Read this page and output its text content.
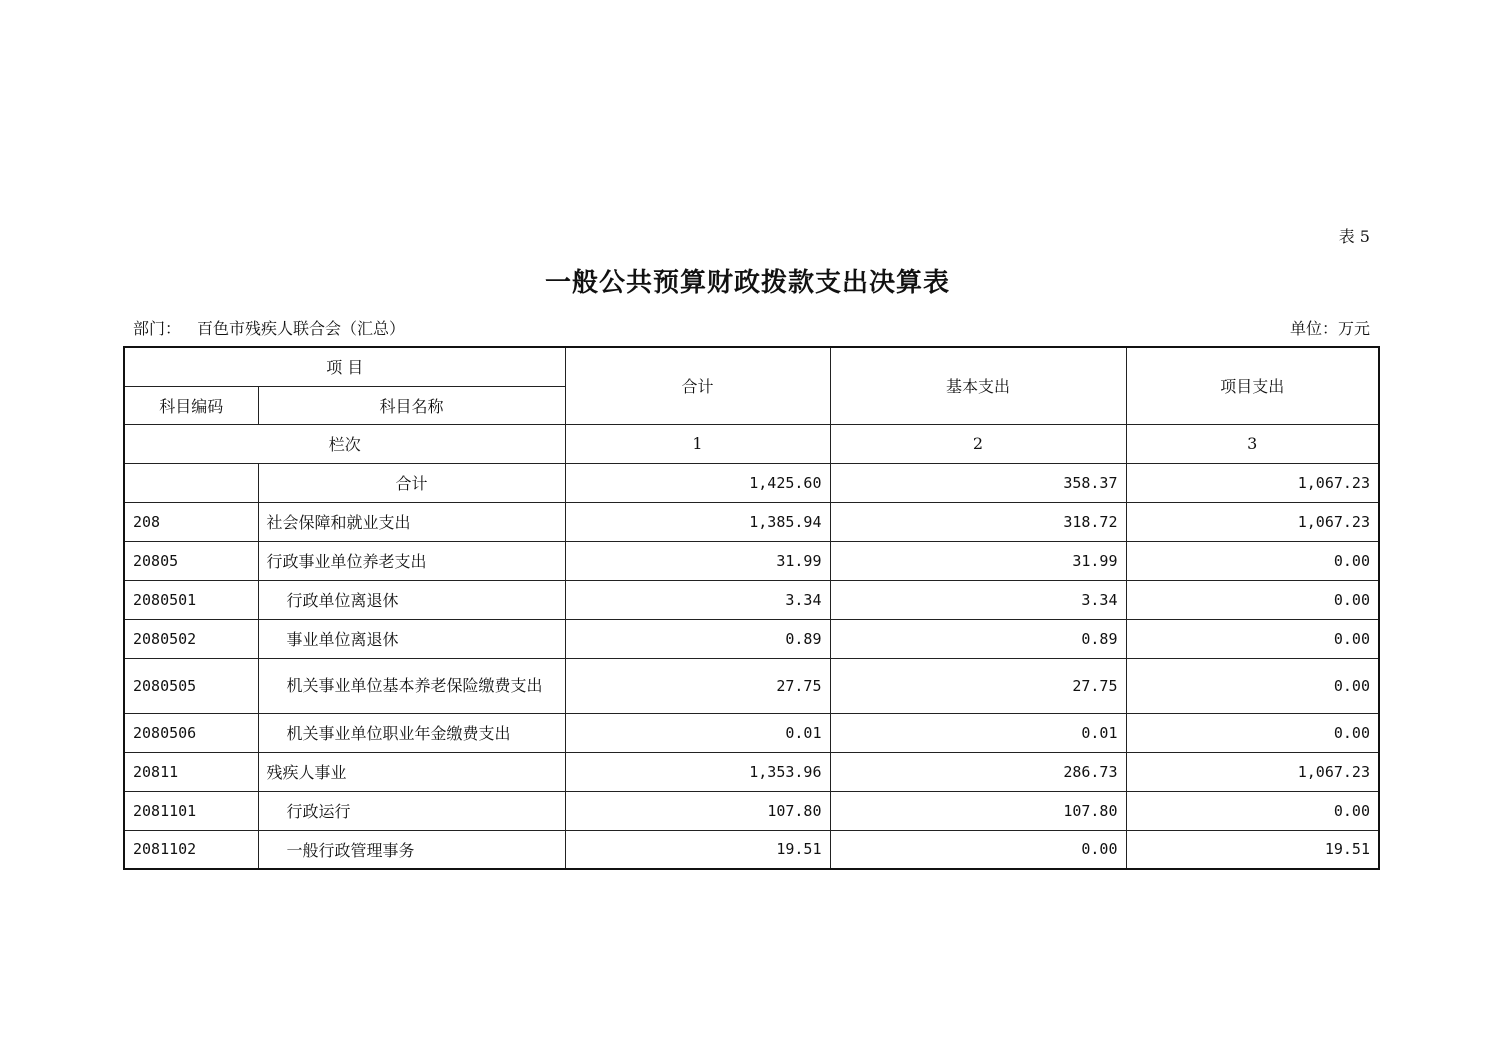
表 5
一般公共预算财政拨款支出决算表
部门： 百色市残疾人联合会（汇总）	单位：万元
项 目		合计	基本支出	项目支出
科目编码	科目名称			
栏次		1	2	3
	合计	1,425.60	358.37	1,067.23
208	社会保障和就业支出	1,385.94	318.72	1,067.23
20805	行政事业单位养老支出	31.99	31.99	0.00
2080501	行政单位离退休	3.34	3.34	0.00
2080502	事业单位离退休	0.89	0.89	0.00
2080505	机关事业单位基本养老保险缴费支出	27.75	27.75	0.00
2080506	机关事业单位职业年金缴费支出	0.01	0.01	0.00
20811	残疾人事业	1,353.96	286.73	1,067.23
2081101	行政运行	107.80	107.80	0.00
2081102	一般行政管理事务	19.51	0.00	19.51
